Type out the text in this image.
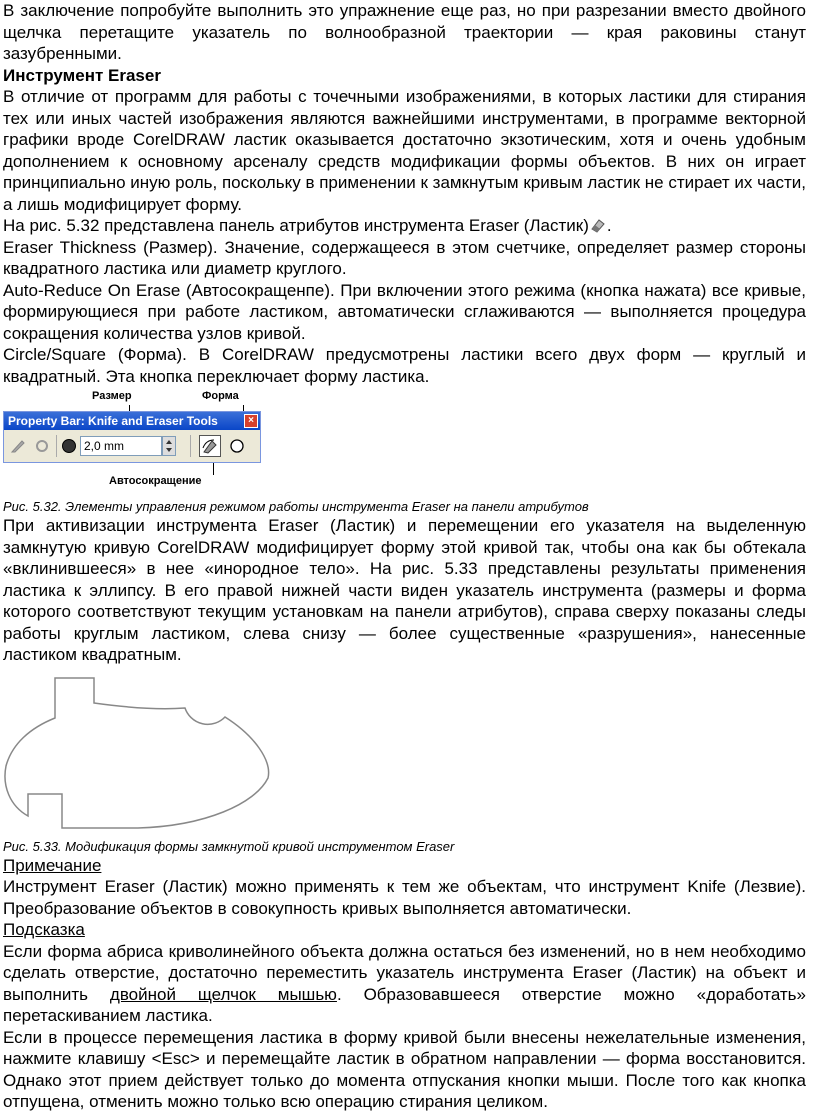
В заключение попробуйте выполнить это упражнение еще раз, но при разрезании вместо двойного щелчка перетащите указатель по волнообразной траектории — края раковины станут зазубренными.

Инструмент Eraser

В отличие от программ для работы с точечными изображениями, в которых ластики для стирания тех или иных частей изображения являются важнейшими инструментами, в программе векторной графики вроде CorelDRAW ластик оказывается достаточно экзотическим, хотя и очень удобным дополнением к основному арсеналу средств модификации формы объектов. В них он играет принципиально иную роль, поскольку в применении к замкнутым кривым ластик не стирает их части, а лишь модифицирует форму.

На рис. 5.32 представлена панель атрибутов инструмента Eraser (Ластик) .

Eraser Thickness (Размер). Значение, содержащееся в этом счетчике, определяет размер стороны квадратного ластика или диаметр круглого.

Auto-Reduce On Erase (Автосокращенпе). При включении этого режима (кнопка нажата) все кривые, формирующиеся при работе ластиком, автоматически сглаживаются — выполняется процедура сокращения количества узлов кривой.

Circle/Square (Форма). В CorelDRAW предусмотрены ластики всего двух форм — круглый и квадратный. Эта кнопка переключает форму ластика.

Размер	Форма
Property Bar: Knife and Eraser Tools	×
2,0 mm
Автосокращение
Рис. 5.32. Элементы управления режимом работы инструмента Eraser на панели атрибутов

При активизации инструмента Eraser (Ластик) и перемещении его указателя на выделенную замкнутую кривую CorelDRAW модифицирует форму этой кривой так, чтобы она как бы обтекала «вклинившееся» в нее «инородное тело». На рис. 5.33 представлены результаты применения ластика к эллипсу. В его правой нижней части виден указатель инструмента (размеры и форма которого соответствуют текущим установкам на панели атрибутов), справа сверху показаны следы работы круглым ластиком, слева снизу — более существенные «разрушения», нанесенные ластиком квадратным.

Рис. 5.33. Модификация формы замкнутой кривой инструментом Eraser
Примечание

Инструмент Eraser (Ластик) можно применять к тем же объектам, что инструмент Knife (Лезвие). Преобразование объектов в совокупность кривых выполняется автоматически.

Подсказка

Если форма абриса криволинейного объекта должна остаться без изменений, но в нем необходимо сделать отверстие, достаточно переместить указатель инструмента Eraser (Ластик) на объект и выполнить двойной щелчок мышью. Образовавшееся отверстие можно «доработать» перетаскиванием ластика.

Если в процессе перемещения ластика в форму кривой были внесены нежелательные изменения, нажмите клавишу <Esc> и перемещайте ластик в обратном направлении — форма восстановится. Однако этот прием действует только до момента отпускания кнопки мыши. После того как кнопка отпущена, отменить можно только всю операцию стирания целиком.
